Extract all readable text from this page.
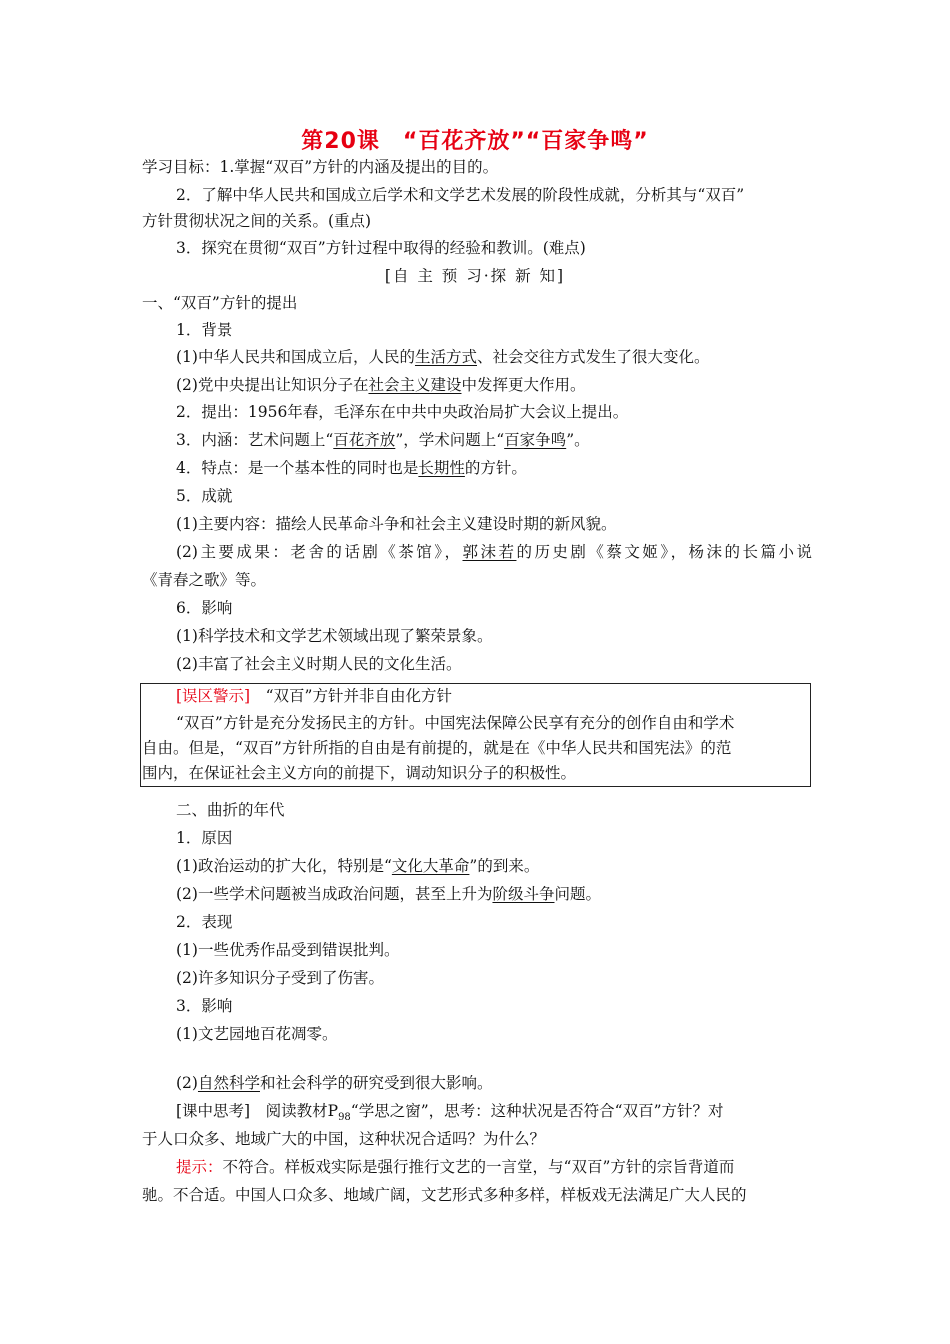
第20课　“百花齐放”“百家争鸣”
学习目标：1.掌握“双百”方针的内涵及提出的目的。
2．了解中华人民共和国成立后学术和文学艺术发展的阶段性成就，分析其与“双百”
方针贯彻状况之间的关系。(重点)
3．探究在贯彻“双百”方针过程中取得的经验和教训。(难点)
[自 主 预 习·探 新 知]
一、“双百”方针的提出
1．背景
(1)中华人民共和国成立后，人民的生活方式、社会交往方式发生了很大变化。
(2)党中央提出让知识分子在社会主义建设中发挥更大作用。
2．提出：1956年春，毛泽东在中共中央政治局扩大会议上提出。
3．内涵：艺术问题上“百花齐放”，学术问题上“百家争鸣”。
4．特点：是一个基本性的同时也是长期性的方针。
5．成就
(1)主要内容：描绘人民革命斗争和社会主义建设时期的新风貌。
(2)主要成果：老舍的话剧《茶馆》，郭沫若的历史剧《蔡文姬》，杨沫的长篇小说
《青春之歌》等。
6．影响
(1)科学技术和文学艺术领域出现了繁荣景象。
(2)丰富了社会主义时期人民的文化生活。
[误区警示]　 “双百”方针并非自由化方针
“双百”方针是充分发扬民主的方针。中国宪法保障公民享有充分的创作自由和学术
自由。但是，“双百”方针所指的自由是有前提的，就是在《中华人民共和国宪法》的范
围内，在保证社会主义方向的前提下，调动知识分子的积极性。
二、曲折的年代
1．原因
(1)政治运动的扩大化，特别是“文化大革命”的到来。
(2)一些学术问题被当成政治问题，甚至上升为阶级斗争问题。
2．表现
(1)一些优秀作品受到错误批判。
(2)许多知识分子受到了伤害。
3．影响
(1)文艺园地百花凋零。
(2)自然科学和社会科学的研究受到很大影响。
[课中思考]　 阅读教材$P_{98}“$学思之窗”，思考：这种状况是否符合“双百”方针？对
于人口众多、地域广大的中国，这种状况合适吗？为什么？
提示：不符合。样板戏实际是强行推行文艺的一言堂，与“双百”方针的宗旨背道而
驰。不合适。中国人口众多、地域广阔，文艺形式多种多样，样板戏无法满足广大人民的
